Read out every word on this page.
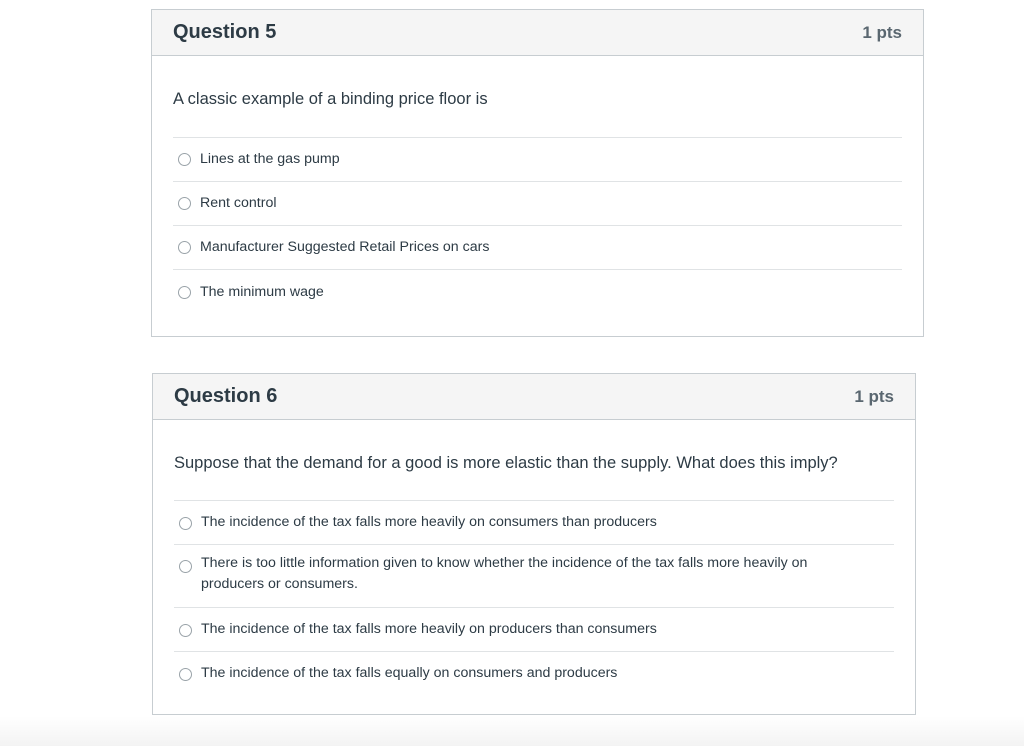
Question 5	1 pts
A classic example of a binding price floor is
Lines at the gas pump
Rent control
Manufacturer Suggested Retail Prices on cars
The minimum wage
Question 6	1 pts
Suppose that the demand for a good is more elastic than the supply. What does this imply?
The incidence of the tax falls more heavily on consumers than producers
There is too little information given to know whether the incidence of the tax falls more heavily on producers or consumers.
The incidence of the tax falls more heavily on producers than consumers
The incidence of the tax falls equally on consumers and producers
